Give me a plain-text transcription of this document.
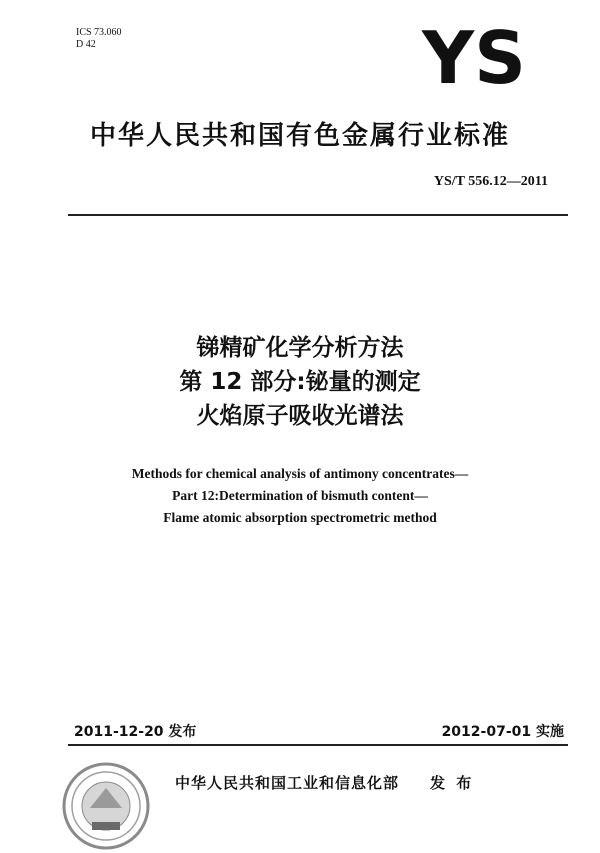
ICS 73.060
D 42	YS
中华人民共和国有色金属行业标准
YS/T 556.12—2011
锑精矿化学分析方法
第 12 部分:铋量的测定
火焰原子吸收光谱法
Methods for chemical analysis of antimony concentrates—
Part 12:Determination of bismuth content—
Flame atomic absorption spectrometric method
2011-12-20 发布	2012-07-01 实施
中华人民共和国工业和信息化部 发 布
